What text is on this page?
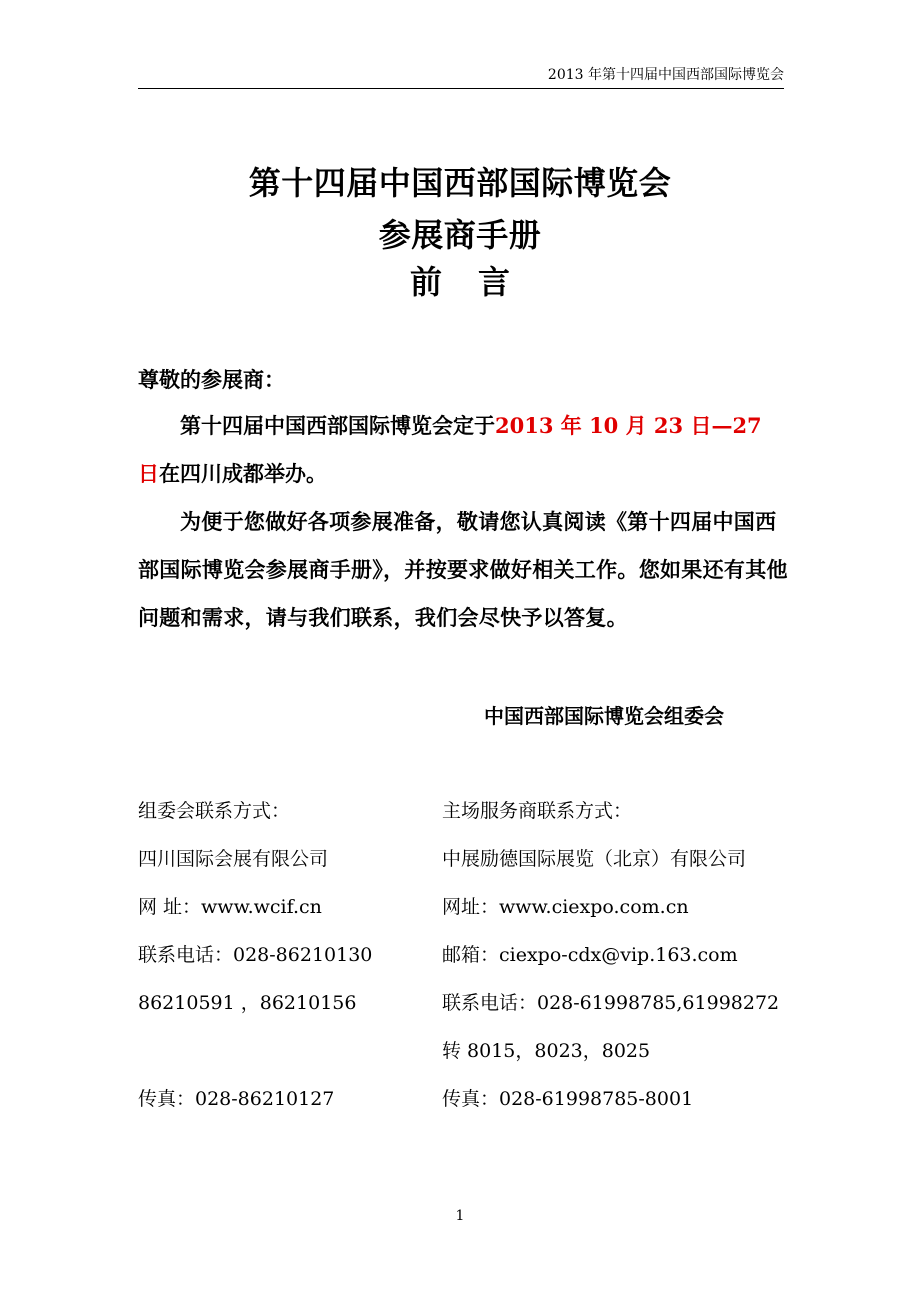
2013 年第十四届中国西部国际博览会
第十四届中国西部国际博览会
参展商手册
前言
尊敬的参展商：
第十四届中国西部国际博览会定于2013 年 10 月 23 日—27 日在四川成都举办。
为便于您做好各项参展准备，敬请您认真阅读《第十四届中国西部国际博览会参展商手册》，并按要求做好相关工作。您如果还有其他问题和需求，请与我们联系，我们会尽快予以答复。
中国西部国际博览会组委会
组委会联系方式：
四川国际会展有限公司
网 址：www.wcif.cn
联系电话：028-86210130
86210591 ，86210156
传真：028-86210127
主场服务商联系方式：
中展励德国际展览（北京）有限公司
网址：www.ciexpo.com.cn
邮箱：ciexpo-cdx@vip.163.com
联系电话：028-61998785,61998272
转 8015，8023，8025
传真：028-61998785-8001
1
